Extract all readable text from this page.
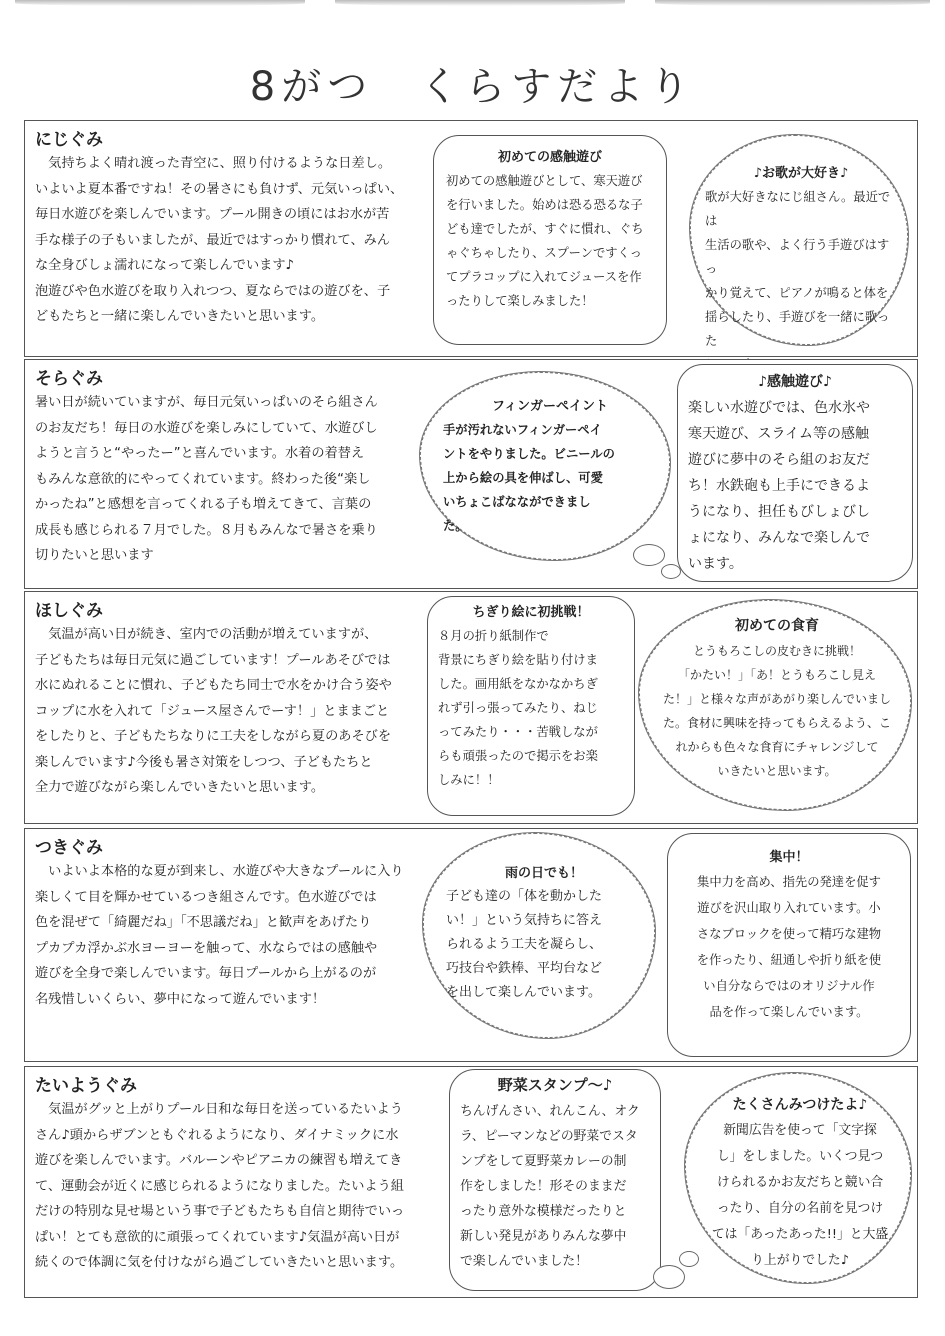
8がつ　くらすだより
にじぐみ
　気持ちよく晴れ渡った青空に、照り付けるような日差し。
いよいよ夏本番ですね！その暑さにも負けず、元気いっぱい、
毎日水遊びを楽しんでいます。プール開きの頃にはお水が苦
手な様子の子もいましたが、最近ではすっかり慣れて、みん
な全身びしょ濡れになって楽しんでいます♪
泡遊びや色水遊びを取り入れつつ、夏ならではの遊びを、子
どもたちと一緒に楽しんでいきたいと思います。
初めての感触遊び
初めての感触遊びとして、寒天遊び
を行いました。始めは恐る恐るな子
ども達でしたが、すぐに慣れ、ぐち
ゃぐちゃしたり、スプーンですくっ
てプラコップに入れてジュースを作
ったりして楽しみました！
♪お歌が大好き♪
歌が大好きなにじ組さん。最近では
生活の歌や、よく行う手遊びはすっ
かり覚えて、ピアノが鳴ると体を
揺らしたり、手遊びを一緒に歌った

そらぐみ
暑い日が続いていますが、毎日元気いっぱいのそら組さん
のお友だち！毎日の水遊びを楽しみにしていて、水遊びし
ようと言うと“やったー”と喜んでいます。水着の着替え
もみんな意欲的にやってくれています。終わった後“楽し
かったね”と感想を言ってくれる子も増えてきて、言葉の
成長も感じられる７月でした。８月もみんなで暑さを乗り
切りたいと思います
フィンガーペイント
手が汚れないフィンガーペイ
ントをやりました。ビニールの
上から絵の具を伸ばし、可愛
いちょこばななができまし
た。
♪感触遊び♪
楽しい水遊びでは、色水氷や
寒天遊び、スライム等の感触
遊びに夢中のそら組のお友だ
ち！水鉄砲も上手にできるよ
うになり、担任もびしょびし
ょになり、みんなで楽しんで
います。
ほしぐみ
　気温が高い日が続き、室内での活動が増えていますが、
子どもたちは毎日元気に過ごしています！プールあそびでは
水にぬれることに慣れ、子どもたち同士で水をかけ合う姿や
コップに水を入れて「ジュース屋さんでーす！」とままごと
をしたりと、子どもたちなりに工夫をしながら夏のあそびを
楽しんでいます♪今後も暑さ対策をしつつ、子どもたちと
全力で遊びながら楽しんでいきたいと思います。
ちぎり絵に初挑戦！
８月の折り紙制作で
背景にちぎり絵を貼り付けま
した。画用紙をなかなかちぎ
れず引っ張ってみたり、ねじ
ってみたり・・・苦戦しなが
らも頑張ったので掲示をお楽
しみに！！
初めての食育
とうもろこしの皮むきに挑戦！
「かたい！」「あ！とうもろこし見え
た！」と様々な声があがり楽しんでいまし
た。食材に興味を持ってもらえるよう、こ
れからも色々な食育にチャレンジして
いきたいと思います。
つきぐみ
　いよいよ本格的な夏が到来し、水遊びや大きなプールに入り
楽しくて目を輝かせているつき組さんです。色水遊びでは
色を混ぜて「綺麗だね」「不思議だね」と歓声をあげたり
プカプカ浮かぶ水ヨーヨーを触って、水ならではの感触や
遊びを全身で楽しんでいます。毎日プールから上がるのが
名残惜しいくらい、夢中になって遊んでいます！
雨の日でも！
子ども達の「体を動かした
い！」という気持ちに答え
られるよう工夫を凝らし、
巧技台や鉄棒、平均台など
を出して楽しんでいます。
集中！
集中力を高め、指先の発達を促す
遊びを沢山取り入れています。小
さなブロックを使って精巧な建物
を作ったり、紐通しや折り紙を使
い自分ならではのオリジナル作
品を作って楽しんでいます。
たいようぐみ
　気温がグッと上がりプール日和な毎日を送っているたいよう
さん♪頭からザブンともぐれるようになり、ダイナミックに水
遊びを楽しんでいます。バルーンやピアニカの練習も増えてき
て、運動会が近くに感じられるようになりました。たいよう組
だけの特別な見せ場という事で子どもたちも自信と期待でいっ
ぱい！とても意欲的に頑張ってくれています♪気温が高い日が
続くので体調に気を付けながら過ごしていきたいと思います。
野菜スタンプ～♪
ちんげんさい、れんこん、オク
ラ、ピーマンなどの野菜でスタ
ンプをして夏野菜カレーの制
作をしました！形そのままだ
ったり意外な模様だったりと
新しい発見がありみんな夢中
で楽しんでいました！
たくさんみつけたよ♪
新聞広告を使って「文字探
し」をしました。いくつ見つ
けられるかお友だちと競い合
ったり、自分の名前を見つけ
ては「あったあった!!」と大盛
り上がりでした♪
